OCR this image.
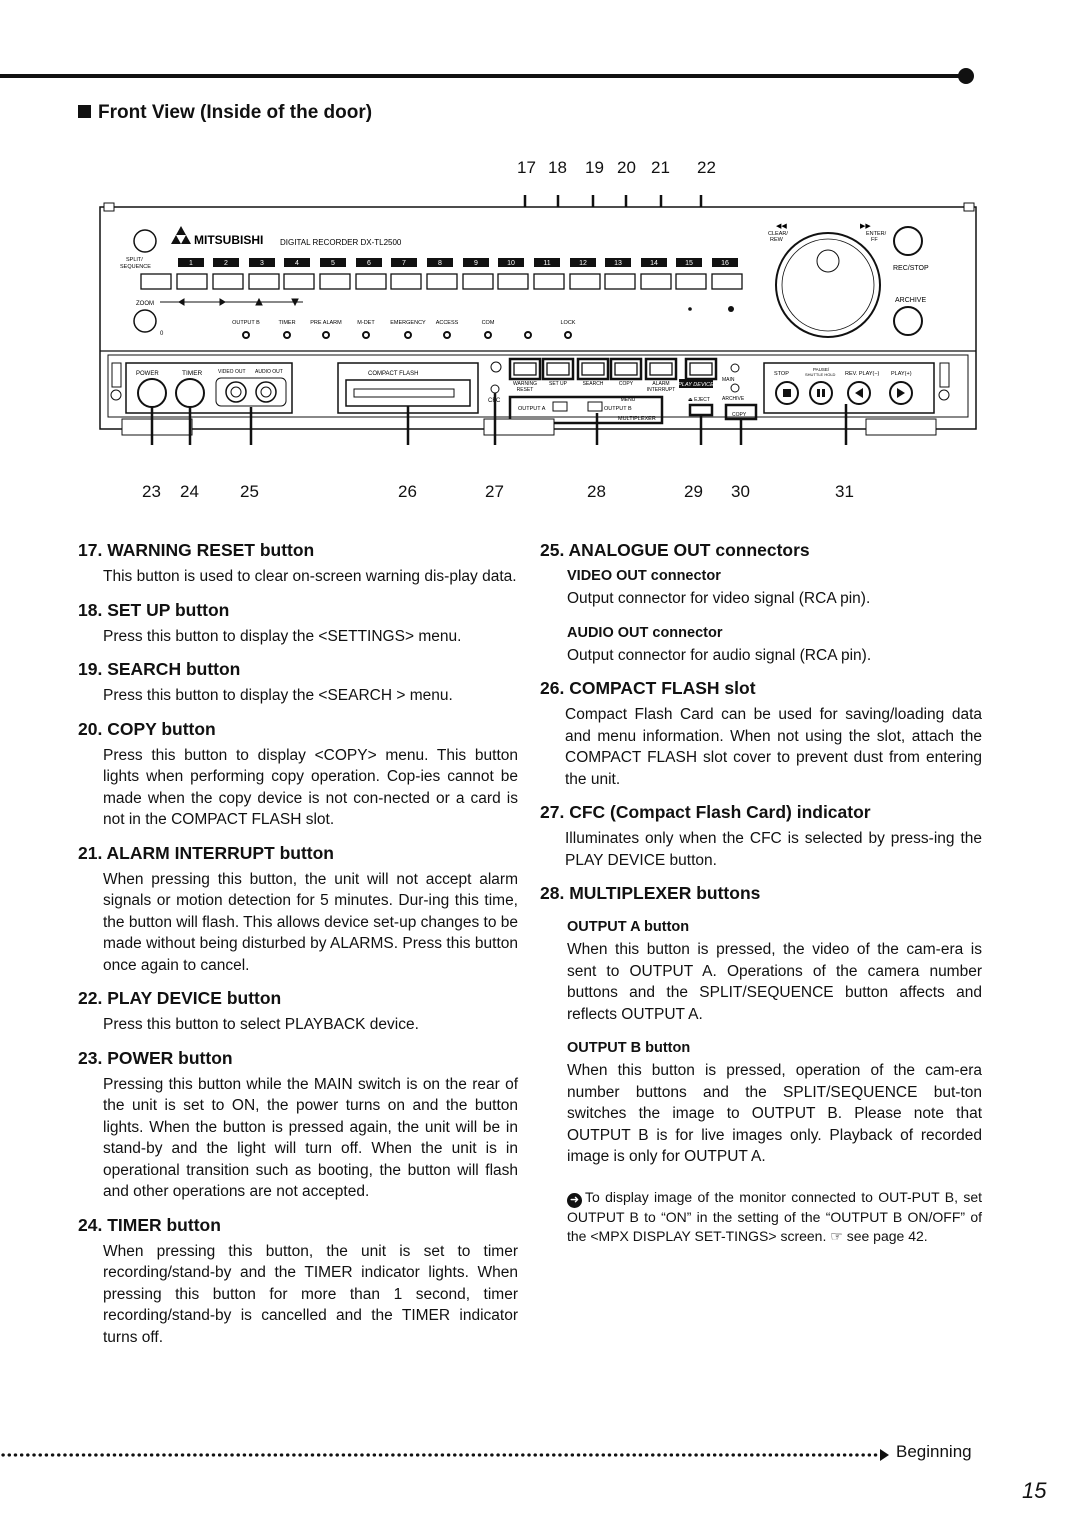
Front View (Inside of the door)
17 18 19 20 21 22
23 24 25	26	27	28	29 30	31
MITSUBISHI DIGITAL RECORDER DX-TL2500
SPLIT/
SEQUENCE	1	2	3	4	5	6	7	8	9	10	11	12	13	14	15	16
ZOOM
0
OUTPUT B	TIMER	PRE ALARM	M-DET	EMERGENCY ACCESS	COM	LOCK
CLEAR/
REW
ENTER/
FF
◀◀	▶▶
REC/STOP
ARCHIVE
POWER	TIMER	VIDEO OUT AUDIO OUT	COMPACT FLASH
CFC
WARNING
RESET
SET UP	SEARCH	COPY	ALARM
INTERRUPT
MENU
PLAY DEVICE
⏏ EJECT
OUTPUT A	OUTPUT B
MULTIPLEXER
MAIN
ARCHIVE
COPY
STOP
PAUSE/
SHUTTLE HOLD REV. PLAY(−) PLAY(+)
17. WARNING RESET button

This button is used to clear on-screen warning dis-play data.

18. SET UP button

Press this button to display the <SETTINGS> menu.

19. SEARCH button

Press this button to display the <SEARCH > menu.

20. COPY button

Press this button to display <COPY> menu. This button lights when performing copy operation. Cop-ies cannot be made when the copy device is not con-nected or a card is not in the COMPACT FLASH slot.

21. ALARM INTERRUPT button

When pressing this button, the unit will not accept alarm signals or motion detection for 5 minutes. Dur-ing this time, the button will flash. This allows device set-up changes to be made without being disturbed by ALARMS. Press this button once again to cancel.

22. PLAY DEVICE button

Press this button to select PLAYBACK device.

23. POWER button

Pressing this button while the MAIN switch is on the rear of the unit is set to ON, the power turns on and the button lights. When the button is pressed again, the unit will be in stand-by and the light will turn off. When the unit is in operational transition such as booting, the button will flash and other operations are not accepted.

24. TIMER button

When pressing this button, the unit is set to timer recording/stand-by and the TIMER indicator lights. When pressing this button for more than 1 second, timer recording/stand-by is cancelled and the TIMER indicator turns off.

25. ANALOGUE OUT connectors
VIDEO OUT connector

Output connector for video signal (RCA pin).

AUDIO OUT connector

Output connector for audio signal (RCA pin).

26. COMPACT FLASH slot

Compact Flash Card can be used for saving/loading data and menu information. When not using the slot, attach the COMPACT FLASH slot cover to prevent dust from entering the unit.

27. CFC (Compact Flash Card) indicator

Illuminates only when the CFC is selected by press-ing the PLAY DEVICE button.

28. MULTIPLEXER buttons
OUTPUT A button

When this button is pressed, the video of the cam-era is sent to OUTPUT A. Operations of the camera number buttons and the SPLIT/SEQUENCE button affects and reflects OUTPUT A.

OUTPUT B button

When this button is pressed, operation of the cam-era number buttons and the SPLIT/SEQUENCE but-ton switches the image to OUTPUT B. Please note that OUTPUT B is for live images only. Playback of recorded image is only for OUTPUT A.

➜ To display image of the monitor connected to OUT-PUT B, set OUTPUT B to “ON” in the setting of the “OUTPUT B ON/OFF” of the <MPX DISPLAY SET-TINGS> screen. ☞ see page 42.
Beginning
15
